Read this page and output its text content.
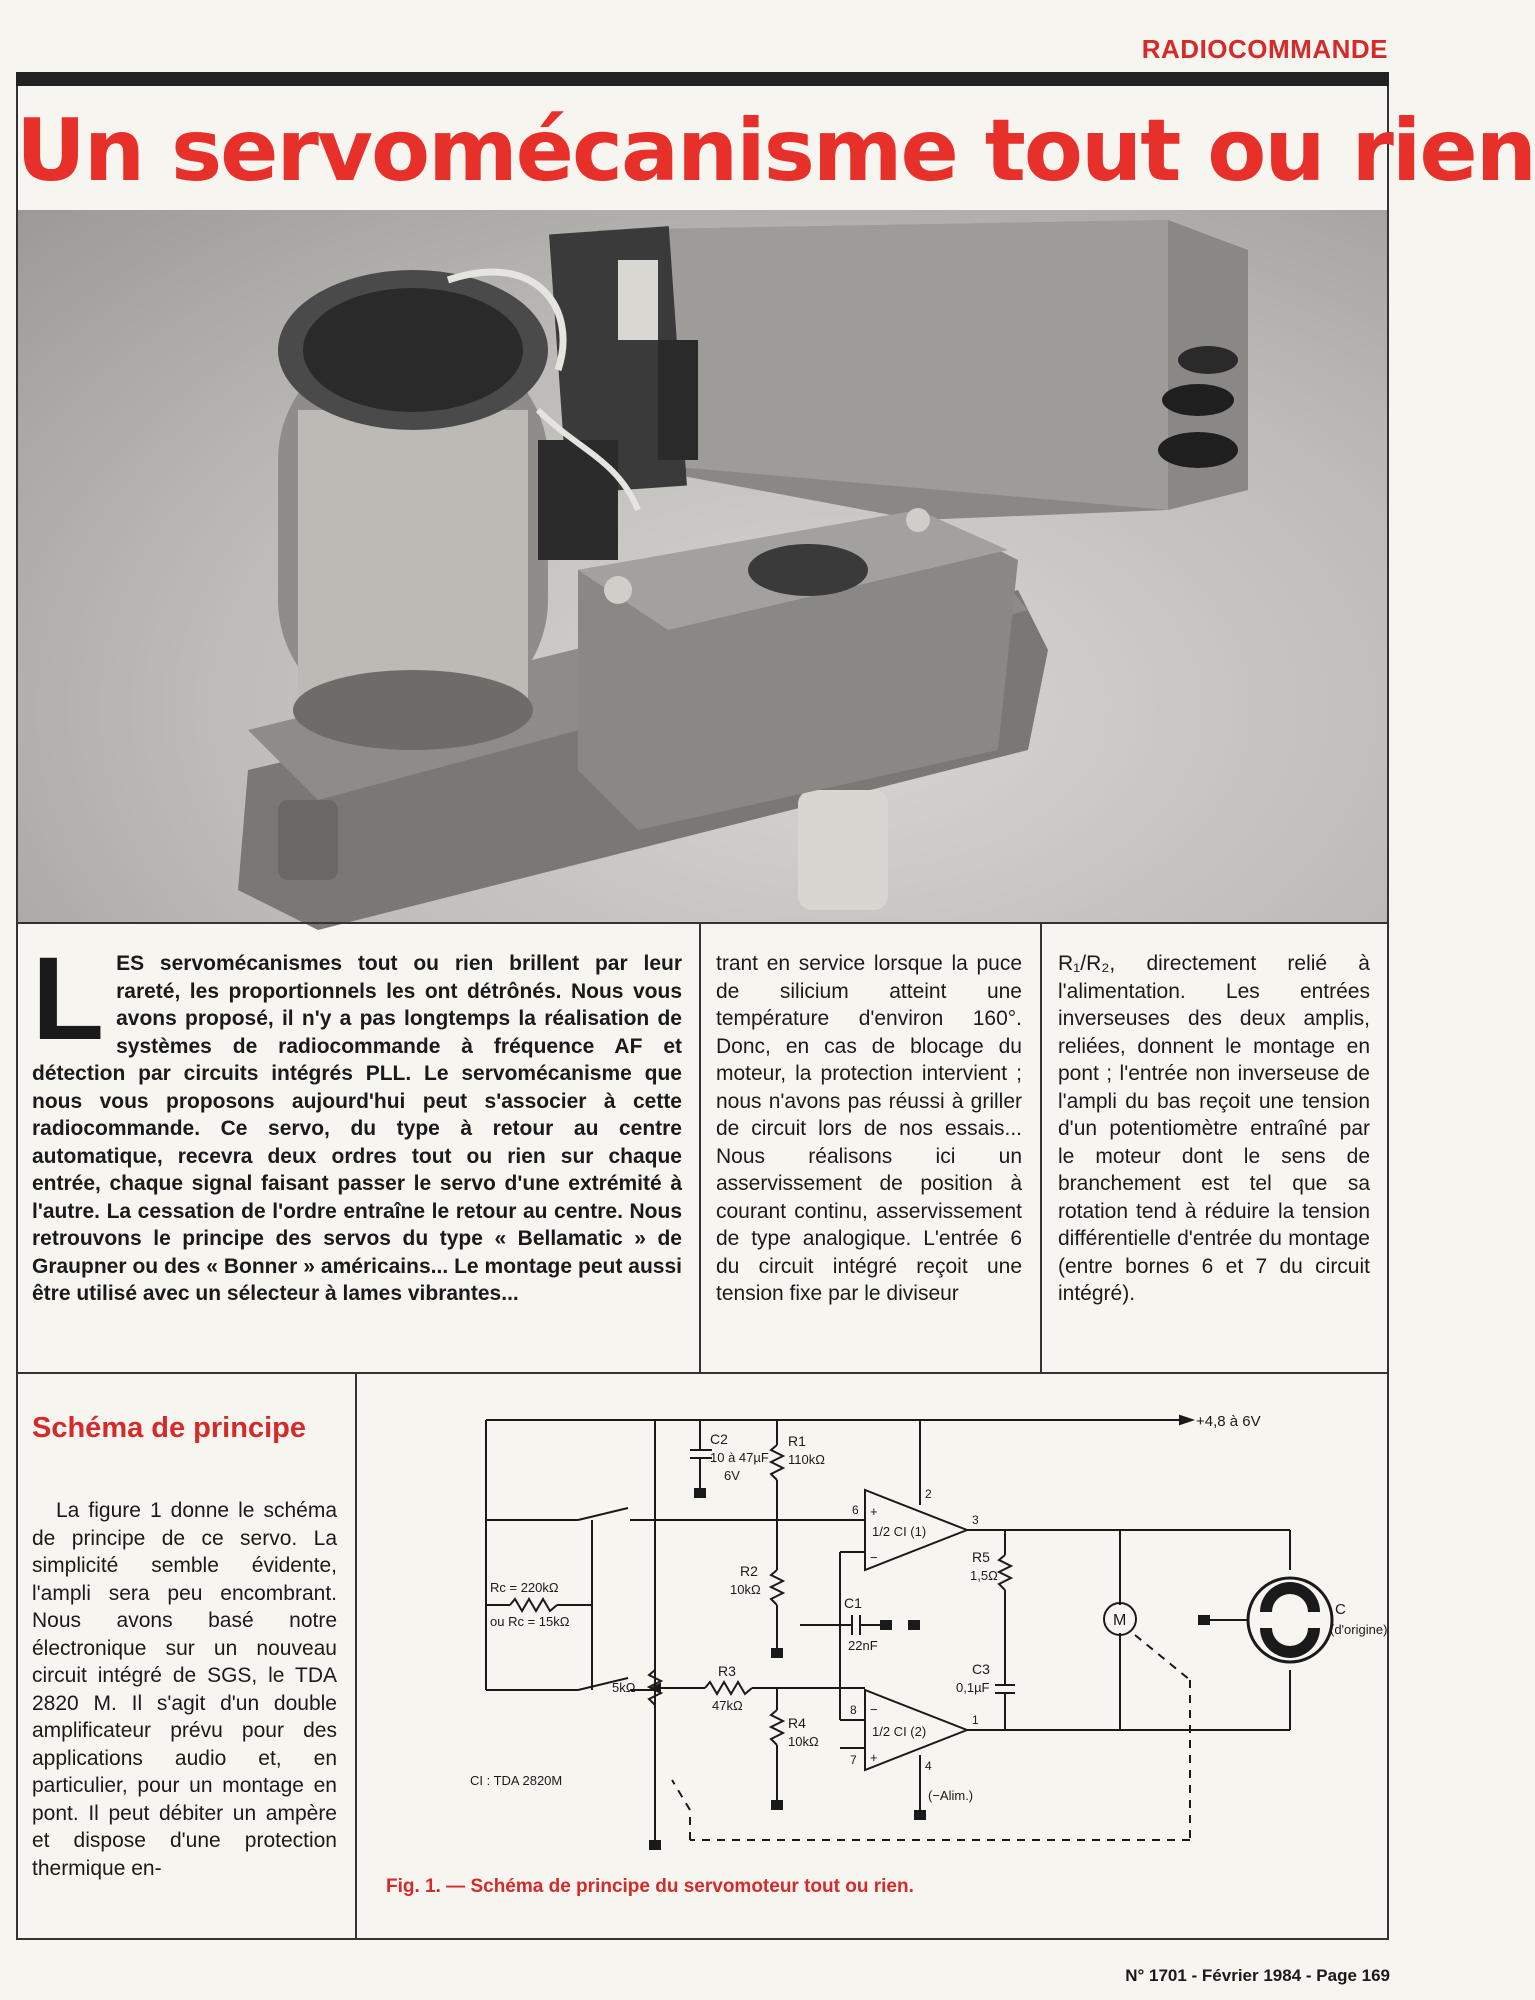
RADIOCOMMANDE
Un servomécanisme tout ou rien
LES servomécanismes tout ou rien brillent par leur rareté, les proportionnels les ont détrônés. Nous vous avons proposé, il n'y a pas longtemps la réalisation de systèmes de radiocommande à fréquence AF et détection par circuits intégrés PLL. Le servomécanisme que nous vous proposons aujourd'hui peut s'associer à cette radiocommande. Ce servo, du type à retour au centre automatique, recevra deux ordres tout ou rien sur chaque entrée, chaque signal faisant passer le servo d'une extrémité à l'autre. La cessation de l'ordre entraîne le retour au centre. Nous retrouvons le principe des servos du type « Bellamatic » de Graupner ou des « Bonner » américains... Le montage peut aussi être utilisé avec un sélecteur à lames vibrantes...
trant en service lorsque la puce de silicium atteint une température d'environ 160°. Donc, en cas de blocage du moteur, la protection intervient ; nous n'avons pas réussi à griller de circuit lors de nos essais... Nous réalisons ici un asservissement de position à courant continu, asservissement de type analogique. L'entrée 6 du circuit intégré reçoit une tension fixe par le diviseur
R₁/R₂, directement relié à l'alimentation. Les entrées inverseuses des deux amplis, reliées, donnent le montage en pont ; l'entrée non inverseuse de l'ampli du bas reçoit une tension d'un potentiomètre entraîné par le moteur dont le sens de branchement est tel que sa rotation tend à réduire la tension différentielle d'entrée du montage (entre bornes 6 et 7 du circuit intégré).
Schéma de principe
La figure 1 donne le schéma de principe de ce servo. La simplicité semble évidente, l'ampli sera peu encombrant. Nous avons basé notre électronique sur un nouveau circuit intégré de SGS, le TDA 2820 M. Il s'agit d'un double amplificateur prévu pour des applications audio et, en particulier, pour un montage en pont. Il peut débiter un ampère et dispose d'une protection thermique en-
+4,8 à 6V
C2
10 à 47µF
6V
R1
110kΩ
R2
10kΩ
C1
22nF
Rc = 220kΩ
ou Rc = 15kΩ
1/2 CI (1)
1/2 CI (2)
6
2
3
8
1
7	4
+
−
+
−
R5
1,5Ω
C3
0,1µF
M
C
(d'origine)
R3
47kΩ
5kΩ
R4
10kΩ
CI : TDA 2820M
(−Alim.)
Fig. 1. — Schéma de principe du servomoteur tout ou rien.
N° 1701 - Février 1984 - Page 169
